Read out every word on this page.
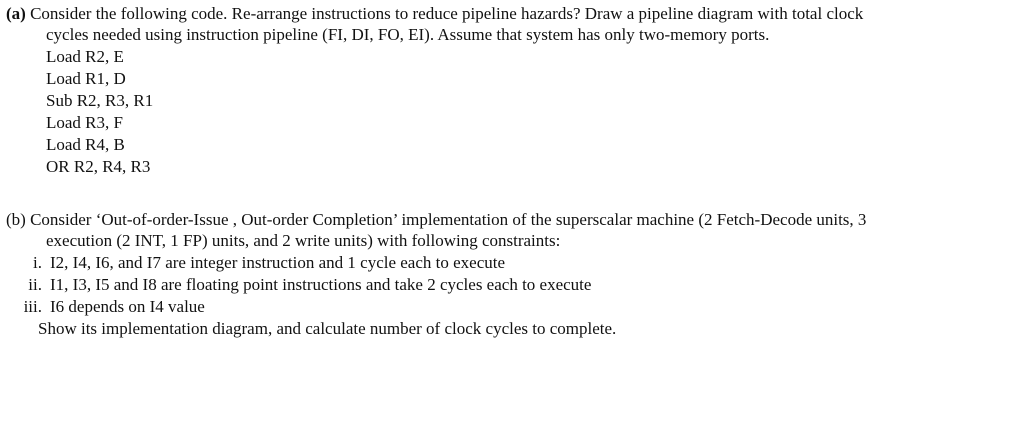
(a) Consider the following code. Re-arrange instructions to reduce pipeline hazards? Draw a pipeline diagram with total clock
cycles needed using instruction pipeline (FI, DI, FO, EI). Assume that system has only two-memory ports.
Load R2, E
Load R1, D
Sub R2, R3, R1
Load R3, F
Load R4, B
OR R2, R4, R3
(b) Consider ‘Out-of-order-Issue , Out-order Completion’ implementation of the superscalar machine (2 Fetch-Decode units, 3
execution (2 INT, 1 FP) units, and 2 write units) with following constraints:
i. I2, I4, I6, and I7 are integer instruction and 1 cycle each to execute
ii. I1, I3, I5 and I8 are floating point instructions and take 2 cycles each to execute
iii. I6 depends on I4 value
Show its implementation diagram, and calculate number of clock cycles to complete.
